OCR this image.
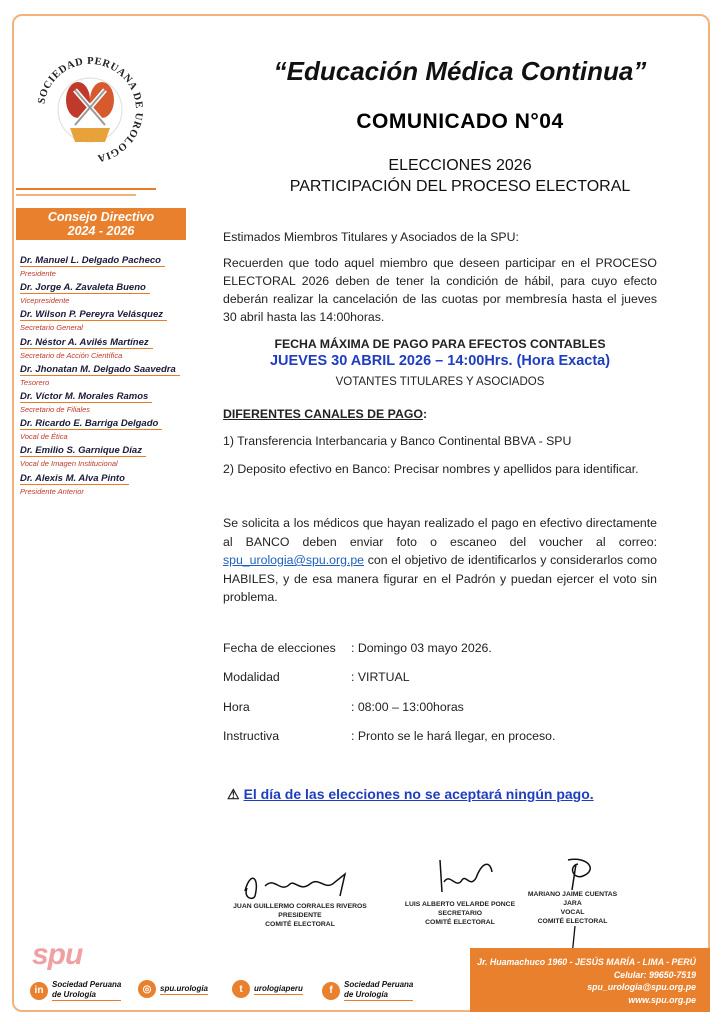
SOCIEDAD PERUANA DE UROLOGIA
“Educación Médica Continua”
COMUNICADO N°04
ELECCIONES 2026
PARTICIPACIÓN DEL PROCESO ELECTORAL
Consejo Directivo
2024 - 2026
Dr. Manuel L. Delgado Pacheco
Presidente
Dr. Jorge A. Zavaleta Bueno
Vicepresidente
Dr. Wilson P. Pereyra Velásquez
Secretario General
Dr. Néstor A. Avilés Martínez
Secretario de Acción Científica
Dr. Jhonatan M. Delgado Saavedra
Tesorero
Dr. Víctor M. Morales Ramos
Secretario de Filiales
Dr. Ricardo E. Barriga Delgado
Vocal de Ética
Dr. Emilio S. Garnique Díaz
Vocal de Imagen Institucional
Dr. Alexis M. Alva Pinto
Presidente Anterior
Estimados Miembros Titulares y Asociados de la SPU:
Recuerden que todo aquel miembro que deseen participar en el PROCESO ELECTORAL 2026 deben de tener la condición de hábil, para cuyo efecto deberán realizar la cancelación de las cuotas por membresía hasta el jueves 30 abril hasta las 14:00horas.
FECHA MÁXIMA DE PAGO PARA EFECTOS CONTABLES
JUEVES 30 ABRIL 2026 – 14:00Hrs. (Hora Exacta)
VOTANTES TITULARES Y ASOCIADOS
DIFERENTES CANALES DE PAGO:
1) Transferencia Interbancaria y Banco Continental BBVA - SPU
2) Deposito efectivo en Banco: Precisar nombres y apellidos para identificar.
Se solicita a los médicos que hayan realizado el pago en efectivo directamente al BANCO deben enviar foto o escaneo del voucher al correo: spu_urologia@spu.org.pe con el objetivo de identificarlos y considerarlos como HABILES, y de esa manera figurar en el Padrón y puedan ejercer el voto sin problema.
Fecha de elecciones : Domingo 03 mayo 2026.
Modalidad	: VIRTUAL
Hora	: 08:00 – 13:00horas
Instructiva	: Pronto se le hará llegar, en proceso.
⚠ El día de las elecciones no se aceptará ningún pago.
JUAN GUILLERMO CORRALES RIVEROS
PRESIDENTE
COMITÉ ELECTORAL
LUIS ALBERTO VELARDE PONCE
SECRETARIO
COMITÉ ELECTORAL
MARIANO JAIME CUENTAS JARA
VOCAL
COMITÉ ELECTORAL
spu	Jr. Huamachuco 1960 - JESÚS MARÍA - LIMA - PERÚ
Celular: 99650-7519
spu_urologia@spu.org.pe
www.spu.org.pe
in
Sociedad Peruana
de Urología	◎	spu.urologia	t	urologiaperu	f
Sociedad Peruana
de Urología
